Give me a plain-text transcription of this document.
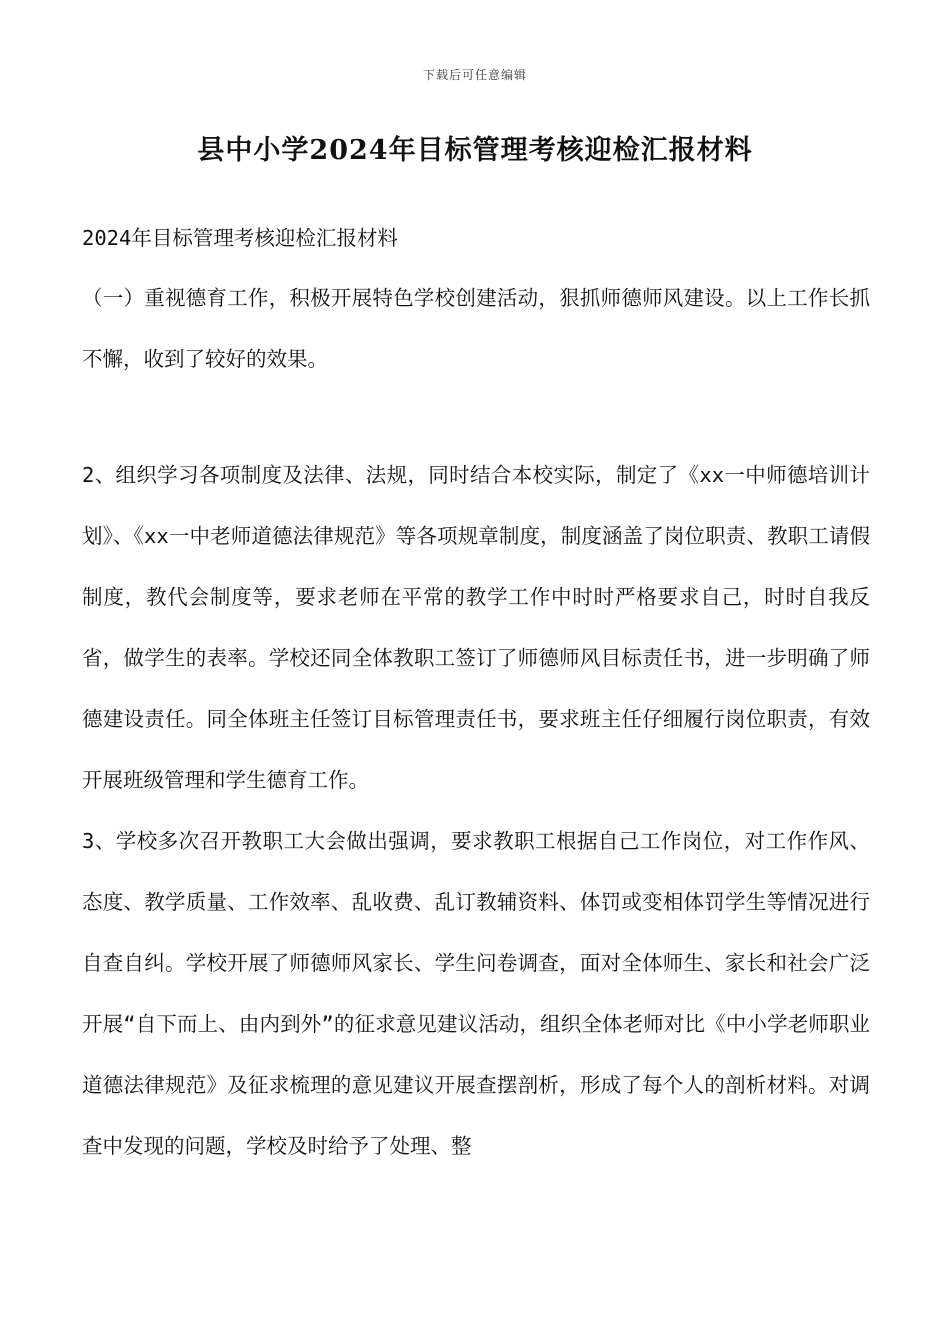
下载后可任意编辑
县中小学2024年目标管理考核迎检汇报材料

2024年目标管理考核迎检汇报材料

（一）重视德育工作，积极开展特色学校创建活动，狠抓师德师风建设。以上工作长抓不懈，收到了较好的效果。

2、组织学习各项制度及法律、法规，同时结合本校实际，制定了《xx一中师德培训计划》、《xx一中老师道德法律规范》等各项规章制度，制度涵盖了岗位职责、教职工请假制度，教代会制度等，要求老师在平常的教学工作中时时严格要求自己，时时自我反省，做学生的表率。学校还同全体教职工签订了师德师风目标责任书，进一步明确了师德建设责任。同全体班主任签订目标管理责任书，要求班主任仔细履行岗位职责，有效开展班级管理和学生德育工作。

3、学校多次召开教职工大会做出强调，要求教职工根据自己工作岗位，对工作作风、态度、教学质量、工作效率、乱收费、乱订教辅资料、体罚或变相体罚学生等情况进行自查自纠。学校开展了师德师风家长、学生问卷调查，面对全体师生、家长和社会广泛开展“自下而上、由内到外”的征求意见建议活动，组织全体老师对比《中小学老师职业道德法律规范》及征求梳理的意见建议开展查摆剖析，形成了每个人的剖析材料。对调查中发现的问题，学校及时给予了处理、整
